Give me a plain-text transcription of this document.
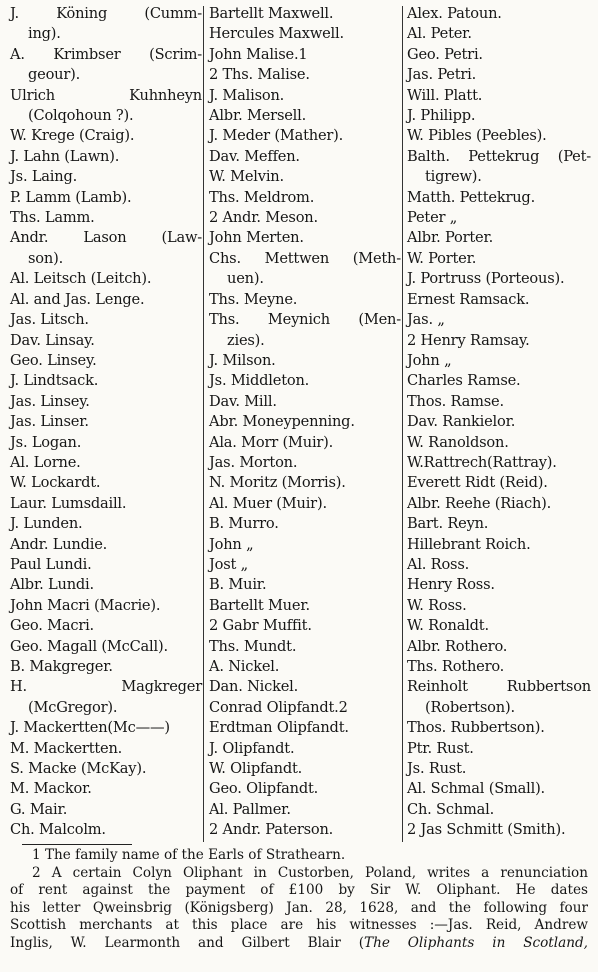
J. Köning (Cumm-
ing).
A. Krimbser (Scrim-
geour).
Ulrich Kuhnheyn
(Colqohoun ?).
W. Krege (Craig).
J. Lahn (Lawn).
Js. Laing.
P. Lamm (Lamb).
Ths. Lamm.
Andr. Lason (Law-
son).
Al. Leitsch (Leitch).
Al. and Jas. Lenge.
Jas. Litsch.
Dav. Linsay.
Geo. Linsey.
J. Lindtsack.
Jas. Linsey.
Jas. Linser.
Js. Logan.
Al. Lorne.
W. Lockardt.
Laur. Lumsdaill.
J. Lunden.
Andr. Lundie.
Paul Lundi.
Albr. Lundi.
John Macri (Macrie).
Geo. Macri.
Geo. Magall (McCall).
B. Makgreger.
H. Magkreger
(McGregor).
J. Mackertten(Mc——)
M. Mackertten.
S. Macke (McKay).
M. Mackor.
G. Mair.
Ch. Malcolm.
Bartellt Maxwell.
Hercules Maxwell.
John Malise.1
2 Ths. Malise.
J. Malison.
Albr. Mersell.
J. Meder (Mather).
Dav. Meffen.
W. Melvin.
Ths. Meldrom.
2 Andr. Meson.
John Merten.
Chs. Mettwen (Meth-
uen).
Ths. Meyne.
Ths. Meynich (Men-
zies).
J. Milson.
Js. Middleton.
Dav. Mill.
Abr. Moneypenning.
Ala. Morr (Muir).
Jas. Morton.
N. Moritz (Morris).
Al. Muer (Muir).
B. Murro.
John „
Jost „
B. Muir.
Bartellt Muer.
2 Gabr Muffit.
Ths. Mundt.
A. Nickel.
Dan. Nickel.
Conrad Olipfandt.2
Erdtman Olipfandt.
J. Olipfandt.
W. Olipfandt.
Geo. Olipfandt.
Al. Pallmer.
2 Andr. Paterson.
Alex. Patoun.
Al. Peter.
Geo. Petri.
Jas. Petri.
Will. Platt.
J. Philipp.
W. Pibles (Peebles).
Balth. Pettekrug (Pet-
tigrew).
Matth. Pettekrug.
Peter „
Albr. Porter.
W. Porter.
J. Portruss (Porteous).
Ernest Ramsack.
Jas. „
2 Henry Ramsay.
John „
Charles Ramse.
Thos. Ramse.
Dav. Rankielor.
W. Ranoldson.
W.Rattrech(Rattray).
Everett Ridt (Reid).
Albr. Reehe (Riach).
Bart. Reyn.
Hillebrant Roich.
Al. Ross.
Henry Ross.
W. Ross.
W. Ronaldt.
Albr. Rothero.
Ths. Rothero.
Reinholt Rubbertson
(Robertson).
Thos. Rubbertson).
Ptr. Rust.
Js. Rust.
Al. Schmal (Small).
Ch. Schmal.
2 Jas Schmitt (Smith).
1 The family name of the Earls of Strathearn.
2 A certain Colyn Oliphant in Custorben, Poland, writes a renunciation
of rent against the payment of £100 by Sir W. Oliphant. He dates
his letter Qweinsbrig (Königsberg) Jan. 28, 1628, and the following four
Scottish merchants at this place are his witnesses :—Jas. Reid, Andrew
Inglis, W. Learmonth and Gilbert Blair (The Oliphants in Scotland,
